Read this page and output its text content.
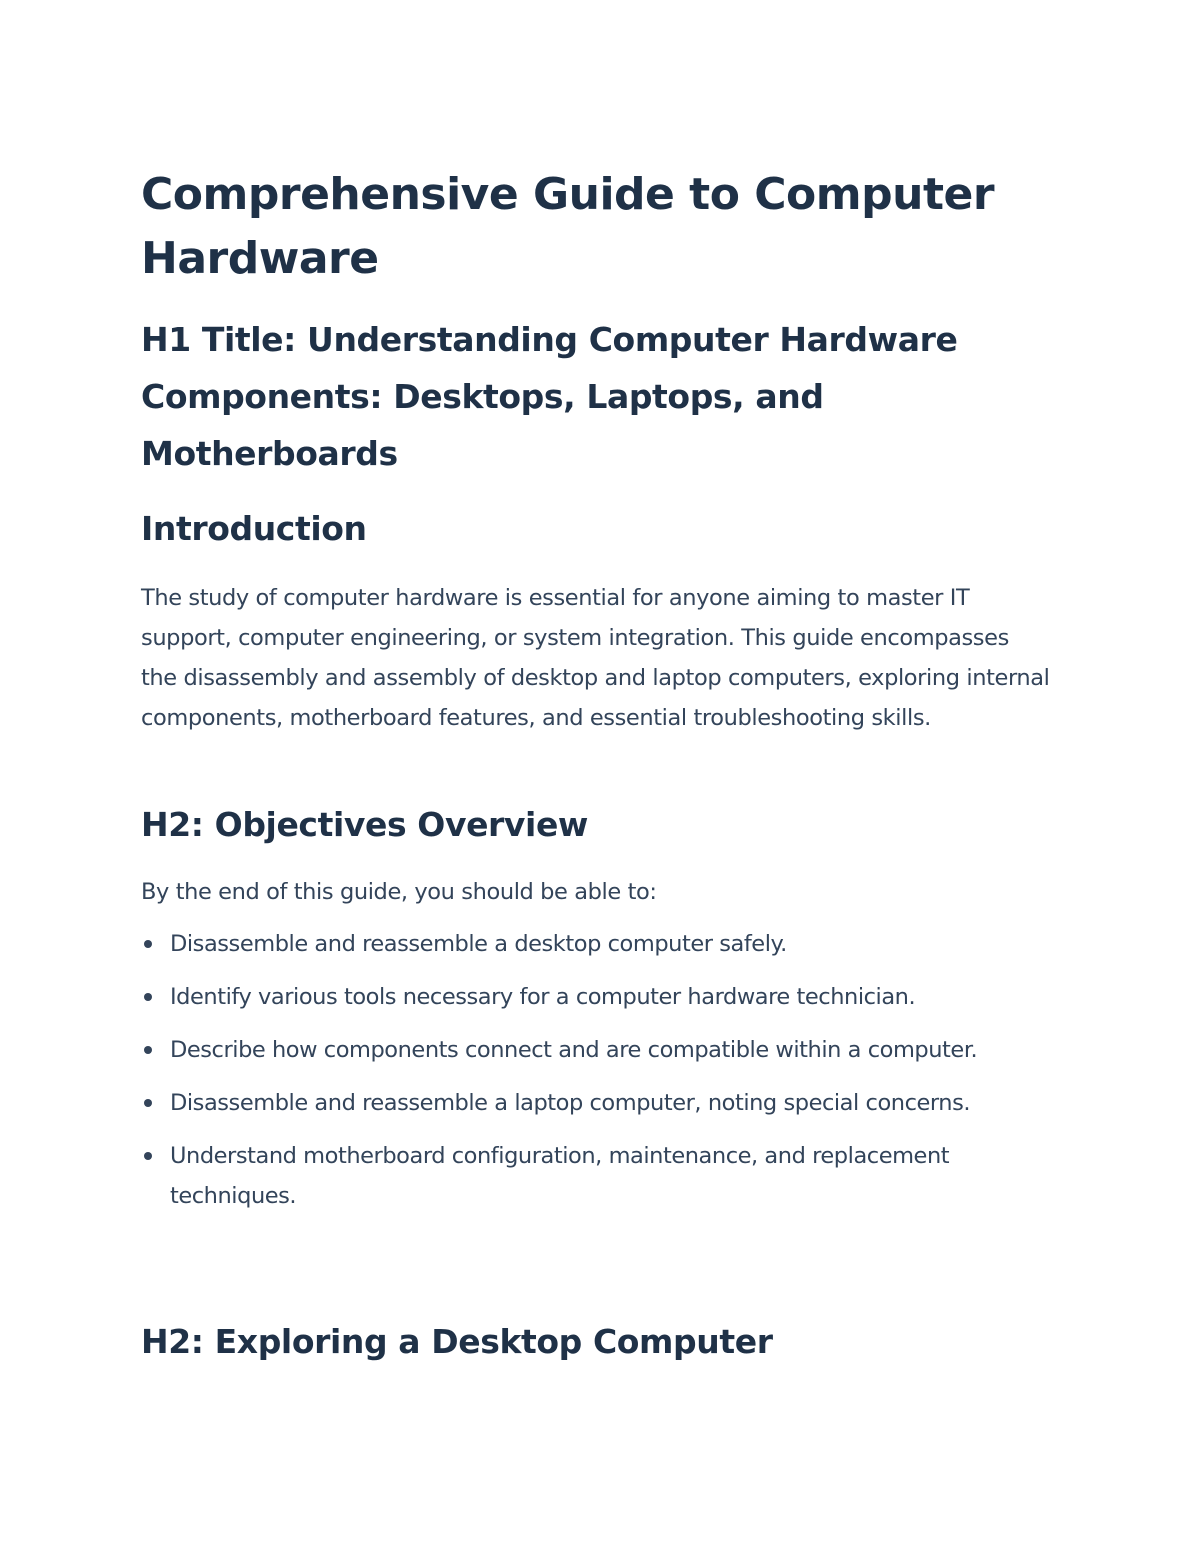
Comprehensive Guide to Computer Hardware
H1 Title: Understanding Computer Hardware Components: Desktops, Laptops, and Motherboards
Introduction

The study of computer hardware is essential for anyone aiming to master IT support, computer engineering, or system integration. This guide encompasses the disassembly and assembly of desktop and laptop computers, exploring internal components, motherboard features, and essential troubleshooting skills.

H2: Objectives Overview

By the end of this guide, you should be able to:

Disassemble and reassemble a desktop computer safely.
Identify various tools necessary for a computer hardware technician.
Describe how components connect and are compatible within a computer.
Disassemble and reassemble a laptop computer, noting special concerns.
Understand motherboard configuration, maintenance, and replacement techniques.
H2: Exploring a Desktop Computer
